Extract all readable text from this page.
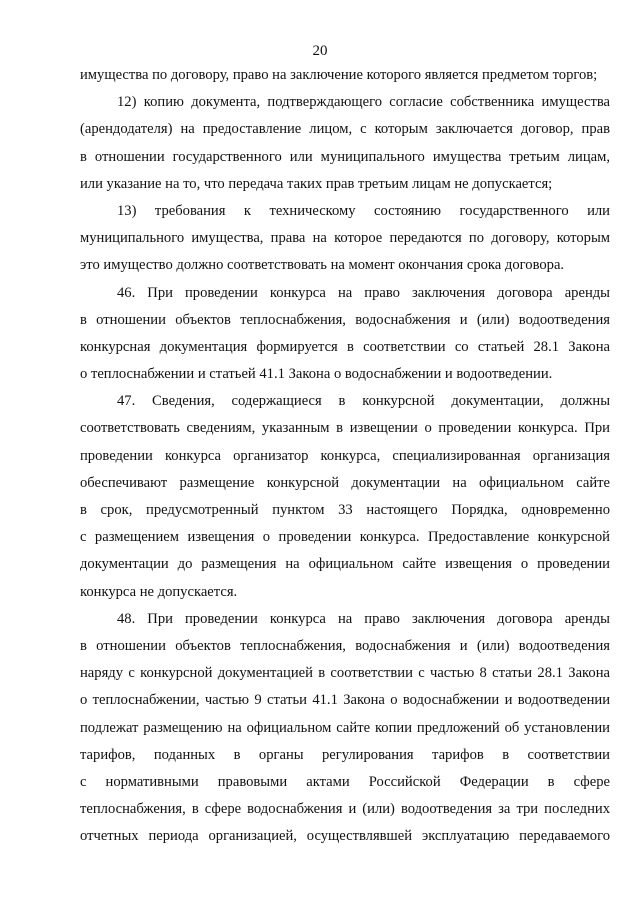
20
имущества по договору, право на заключение которого является предметом торгов;
12) копию документа, подтверждающего согласие собственника имущества
(арендодателя) на предоставление лицом, с которым заключается договор, прав
в отношении государственного или муниципального имущества третьим лицам,
или указание на то, что передача таких прав третьим лицам не допускается;
13) требования к техническому состоянию государственного или
муниципального имущества, права на которое передаются по договору, которым
это имущество должно соответствовать на момент окончания срока договора.
46. При проведении конкурса на право заключения договора аренды
в отношении объектов теплоснабжения, водоснабжения и (или) водоотведения
конкурсная документация формируется в соответствии со статьей 28.1 Закона
о теплоснабжении и статьей 41.1 Закона о водоснабжении и водоотведении.
47. Сведения, содержащиеся в конкурсной документации, должны
соответствовать сведениям, указанным в извещении о проведении конкурса. При
проведении конкурса организатор конкурса, специализированная организация
обеспечивают размещение конкурсной документации на официальном сайте
в срок, предусмотренный пунктом 33 настоящего Порядка, одновременно
с размещением извещения о проведении конкурса. Предоставление конкурсной
документации до размещения на официальном сайте извещения о проведении
конкурса не допускается.
48. При проведении конкурса на право заключения договора аренды
в отношении объектов теплоснабжения, водоснабжения и (или) водоотведения
наряду с конкурсной документацией в соответствии с частью 8 статьи 28.1 Закона
о теплоснабжении, частью 9 статьи 41.1 Закона о водоснабжении и водоотведении
подлежат размещению на официальном сайте копии предложений об установлении
тарифов, поданных в органы регулирования тарифов в соответствии
с нормативными правовыми актами Российской Федерации в сфере
теплоснабжения, в сфере водоснабжения и (или) водоотведения за три последних
отчетных периода организацией, осуществлявшей эксплуатацию передаваемого
